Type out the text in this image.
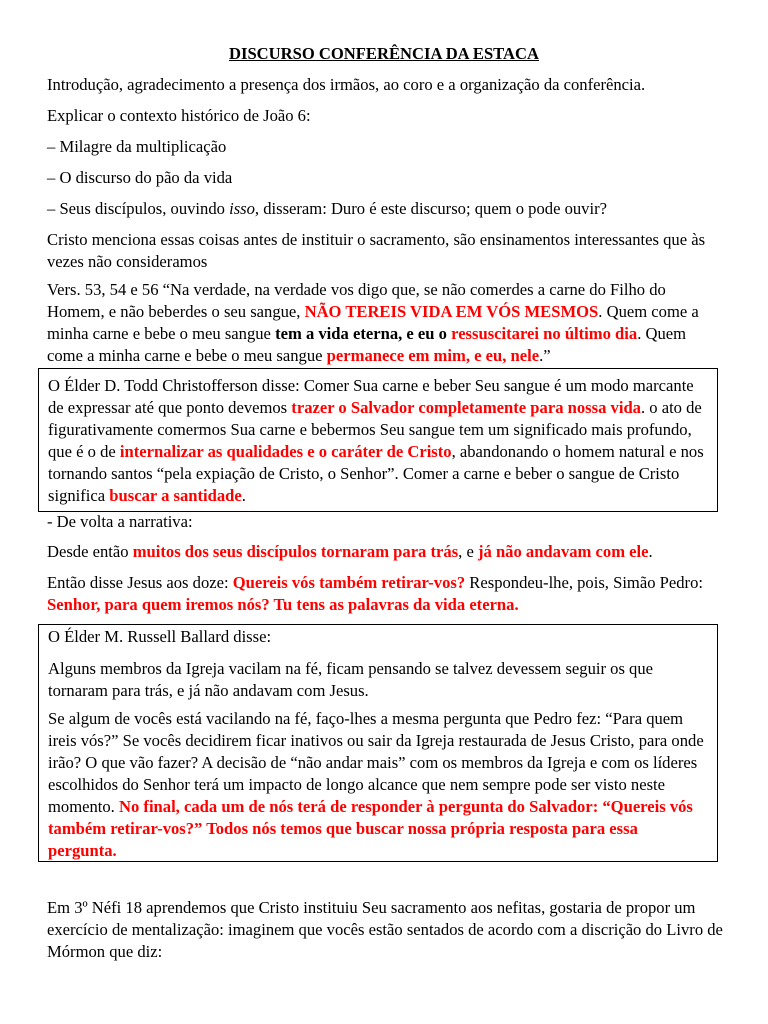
DISCURSO CONFERÊNCIA DA ESTACA

Introdução, agradecimento a presença dos irmãos, ao coro e a organização da conferência.

Explicar o contexto histórico de João 6:

– Milagre da multiplicação

– O discurso do pão da vida

– Seus discípulos, ouvindo isso, disseram: Duro é este discurso; quem o pode ouvir?

Cristo menciona essas coisas antes de instituir o sacramento, são ensinamentos interessantes que às vezes não consideramos

Vers. 53, 54 e 56 “Na verdade, na verdade vos digo que, se não comerdes a carne do Filho do Homem, e não beberdes o seu sangue, NÃO TEREIS VIDA EM VÓS MESMOS. Quem come a minha carne e bebe o meu sangue tem a vida eterna, e eu o ressuscitarei no último dia. Quem come a minha carne e bebe o meu sangue permanece em mim, e eu, nele.”

O Élder D. Todd Christofferson disse: Comer Sua carne e beber Seu sangue é um modo marcante de expressar até que ponto devemos trazer o Salvador completamente para nossa vida. o ato de figurativamente comermos Sua carne e bebermos Seu sangue tem um significado mais profundo, que é o de internalizar as qualidades e o caráter de Cristo, abandonando o homem natural e nos tornando santos “pela expiação de Cristo, o Senhor”. Comer a carne e beber o sangue de Cristo significa buscar a santidade.

- De volta a narrativa:

Desde então muitos dos seus discípulos tornaram para trás, e já não andavam com ele.

Então disse Jesus aos doze: Quereis vós também retirar-vos? Respondeu-lhe, pois, Simão Pedro: Senhor, para quem iremos nós? Tu tens as palavras da vida eterna.

O Élder M. Russell Ballard disse:

Alguns membros da Igreja vacilam na fé, ficam pensando se talvez devessem seguir os que tornaram para trás, e já não andavam com Jesus.

Se algum de vocês está vacilando na fé, faço-lhes a mesma pergunta que Pedro fez: “Para quem ireis vós?” Se vocês decidirem ficar inativos ou sair da Igreja restaurada de Jesus Cristo, para onde irão? O que vão fazer? A decisão de “não andar mais” com os membros da Igreja e com os líderes escolhidos do Senhor terá um impacto de longo alcance que nem sempre pode ser visto neste momento. No final, cada um de nós terá de responder à pergunta do Salvador: “Quereis vós também retirar-vos?” Todos nós temos que buscar nossa própria resposta para essa pergunta.

Em 3º Néfi 18 aprendemos que Cristo instituiu Seu sacramento aos nefitas, gostaria de propor um exercício de mentalização: imaginem que vocês estão sentados de acordo com a discrição do Livro de Mórmon que diz:
